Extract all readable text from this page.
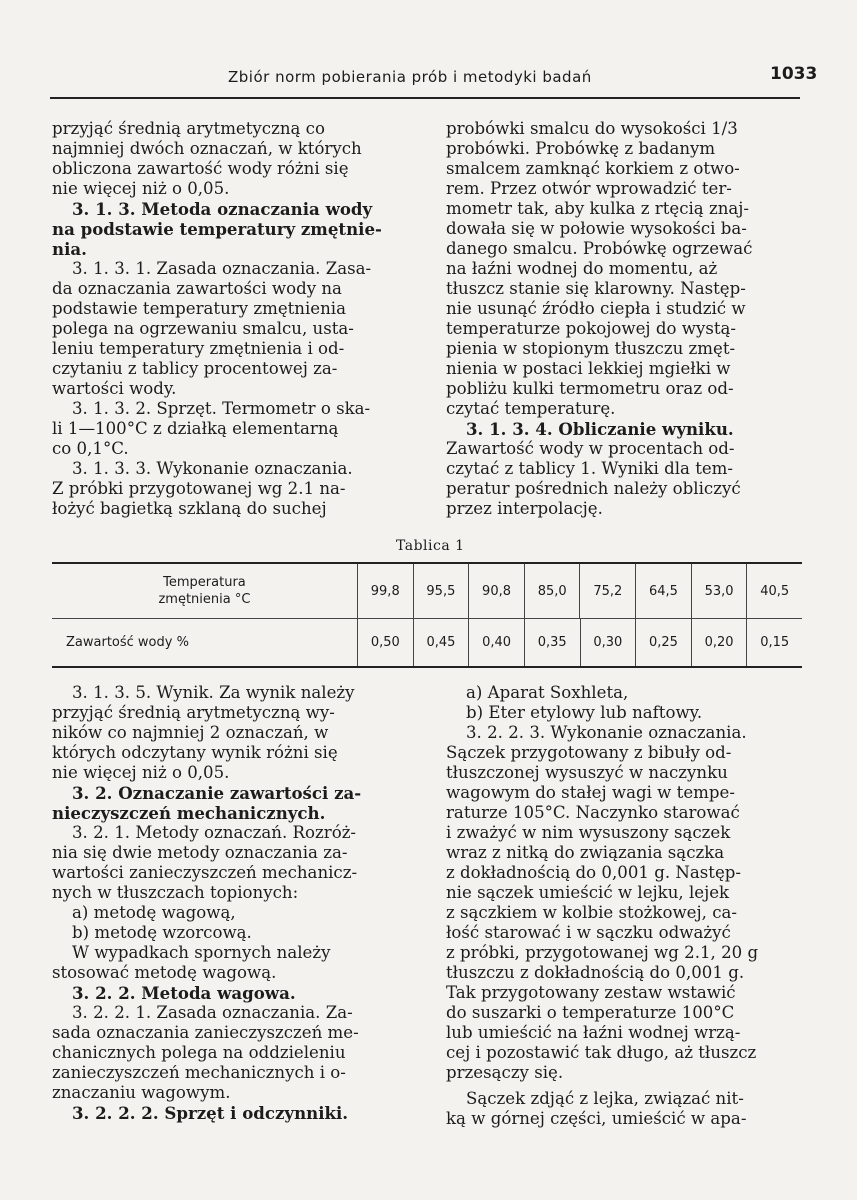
Zbiór norm pobierania prób i metodyki badań	1033

przyjąć średnią arytmetyczną co

najmniej dwóch oznaczań, w których

obliczona zawartość wody różni się

nie więcej niż o 0,05.

3. 1. 3. Metoda oznaczania wody

na podstawie temperatury zmętnie-

nia.

3. 1. 3. 1. Zasada oznaczania. Zasa-

da oznaczania zawartości wody na

podstawie temperatury zmętnienia

polega na ogrzewaniu smalcu, usta-

leniu temperatury zmętnienia i od-

czytaniu z tablicy procentowej za-

wartości wody.

3. 1. 3. 2. Sprzęt. Termometr o ska-

li 1—100°C z działką elementarną

co 0,1°C.

3. 1. 3. 3. Wykonanie oznaczania.

Z próbki przygotowanej wg 2.1 na-

łożyć bagietką szklaną do suchej

probówki smalcu do wysokości 1/3

probówki. Probówkę z badanym

smalcem zamknąć korkiem z otwo-

rem. Przez otwór wprowadzić ter-

mometr tak, aby kulka z rtęcią znaj-

dowała się w połowie wysokości ba-

danego smalcu. Probówkę ogrzewać

na łaźni wodnej do momentu, aż

tłuszcz stanie się klarowny. Następ-

nie usunąć źródło ciepła i studzić w

temperaturze pokojowej do wystą-

pienia w stopionym tłuszczu zmęt-

nienia w postaci lekkiej mgiełki w

pobliżu kulki termometru oraz od-

czytać temperaturę.

3. 1. 3. 4. Obliczanie wyniku.

Zawartość wody w procentach od-

czytać z tablicy 1. Wyniki dla tem-

peratur pośrednich należy obliczyć

przez interpolację.

Tablica 1
Temperatura
zmętnienia °C
99,8	95,5	90,8	85,0	75,2	64,5	53,0	40,5
Zawartość wody %	0,50	0,45	0,40	0,35	0,30	0,25	0,20	0,15

3. 1. 3. 5. Wynik. Za wynik należy

przyjąć średnią arytmetyczną wy-

ników co najmniej 2 oznaczań, w

których odczytany wynik różni się

nie więcej niż o 0,05.

3. 2. Oznaczanie zawartości za-

nieczyszczeń mechanicznych.

3. 2. 1. Metody oznaczań. Rozróż-

nia się dwie metody oznaczania za-

wartości zanieczyszczeń mechanicz-

nych w tłuszczach topionych:

a) metodę wagową,

b) metodę wzorcową.

W wypadkach spornych należy

stosować metodę wagową.

3. 2. 2. Metoda wagowa.

3. 2. 2. 1. Zasada oznaczania. Za-

sada oznaczania zanieczyszczeń me-

chanicznych polega na oddzieleniu

zanieczyszczeń mechanicznych i o-

znaczaniu wagowym.

3. 2. 2. 2. Sprzęt i odczynniki.

a) Aparat Soxhleta,

b) Eter etylowy lub naftowy.

3. 2. 2. 3. Wykonanie oznaczania.

Sączek przygotowany z bibuły od-

tłuszczonej wysuszyć w naczynku

wagowym do stałej wagi w tempe-

raturze 105°C. Naczynko starować

i zważyć w nim wysuszony sączek

wraz z nitką do związania sączka

z dokładnością do 0,001 g. Następ-

nie sączek umieścić w lejku, lejek

z sączkiem w kolbie stożkowej, ca-

łość starować i w sączku odważyć

z próbki, przygotowanej wg 2.1, 20 g

tłuszczu z dokładnością do 0,001 g.

Tak przygotowany zestaw wstawić

do suszarki o temperaturze 100°C

lub umieścić na łaźni wodnej wrzą-

cej i pozostawić tak długo, aż tłuszcz

przesączy się.

Sączek zdjąć z lejka, związać nit-

ką w górnej części, umieścić w apa-
